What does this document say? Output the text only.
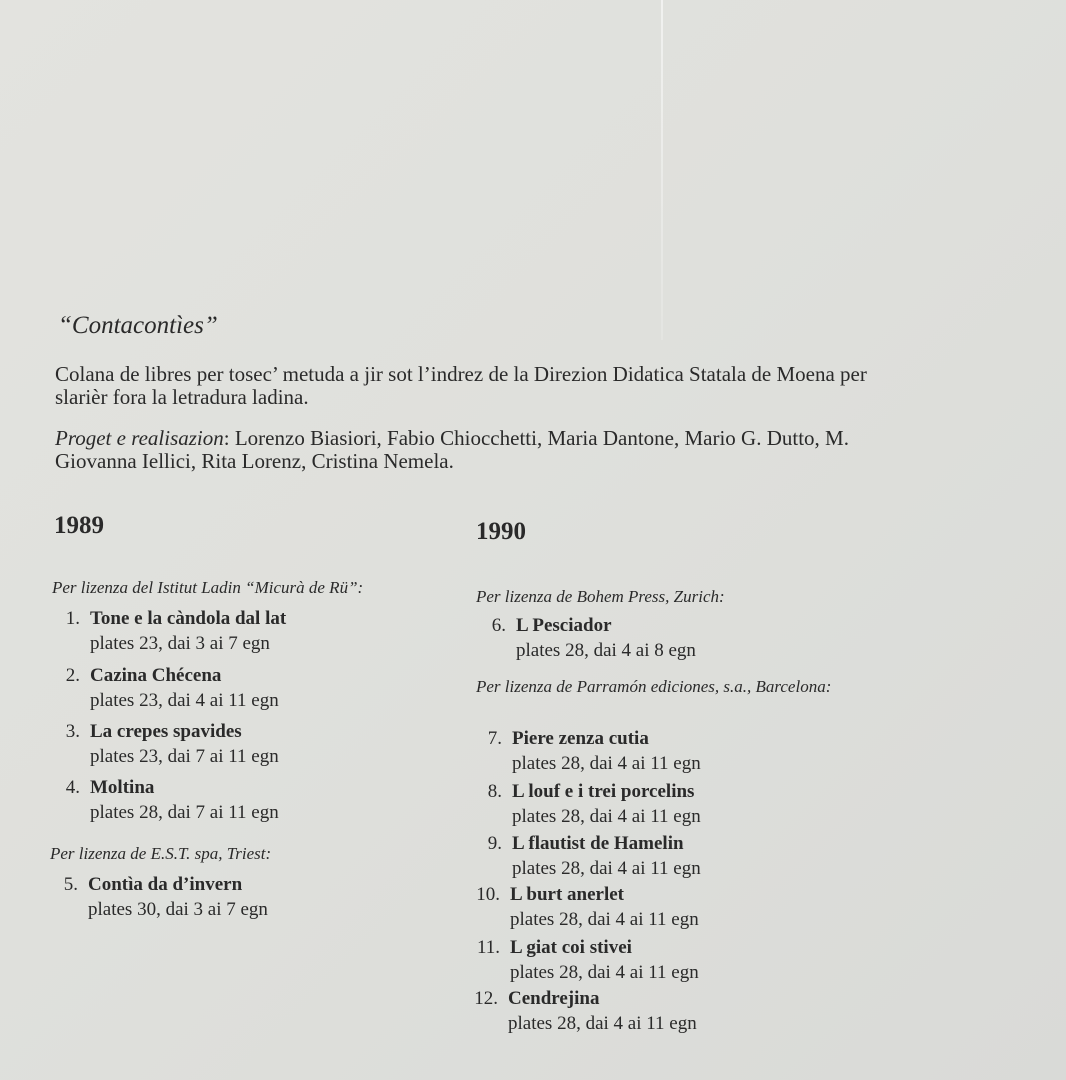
“Contacontìes”

Colana de libres per tosec’ metuda a jir sot l’indrez de la Direzion Didatica Statala de Moena per slarièr fora la letradura ladina.

Proget e realisazion: Lorenzo Biasiori, Fabio Chiocchetti, Maria Dantone, Mario G. Dutto, M. Giovanna Iellici, Rita Lorenz, Cristina Nemela.

1989

Per lizenza del Istitut Ladin “Micurà de Rü”:

1. Tone e la càndola dal lat
plates 23, dai 3 ai 7 egn
2. Cazina Chécena
plates 23, dai 4 ai 11 egn
3. La crepes spavides
plates 23, dai 7 ai 11 egn
4. Moltina
plates 28, dai 7 ai 11 egn

Per lizenza de E.S.T. spa, Triest:

5. Contìa da d’invern
plates 30, dai 3 ai 7 egn
1990

Per lizenza de Bohem Press, Zurich:

6. L Pesciador
plates 28, dai 4 ai 8 egn

Per lizenza de Parramón ediciones, s.a., Barcelona:

7. Piere zenza cutia
plates 28, dai 4 ai 11 egn
8. L louf e i trei porcelins
plates 28, dai 4 ai 11 egn
9. L flautist de Hamelin
plates 28, dai 4 ai 11 egn
10. L burt anerlet
plates 28, dai 4 ai 11 egn
11. L giat coi stivei
plates 28, dai 4 ai 11 egn
12. Cendrejina
plates 28, dai 4 ai 11 egn
